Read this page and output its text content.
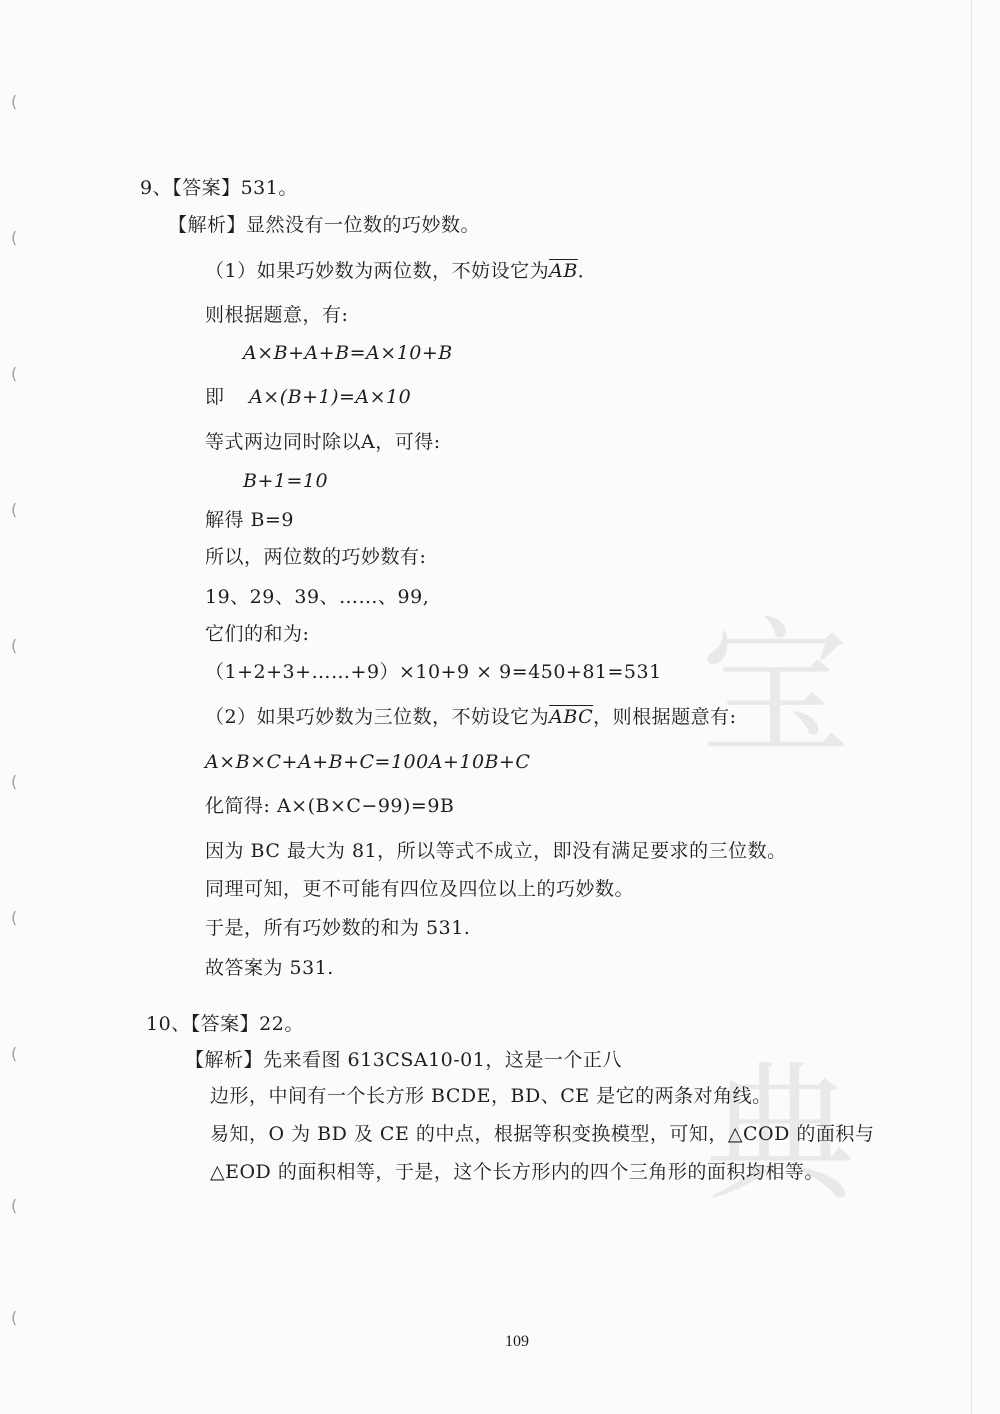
(
(
(
(
(
(
(
(
(
(
宝
典
9、【答案】531。
【解析】显然没有一位数的巧妙数。
（1）如果巧妙数为两位数，不妨设它为$\overline{AB}$．
则根据题意，有:
A×B+A+B=A×10+B
即 A×(B+1)=A×10
等式两边同时除以A，可得:
B+1=10
解得 B=9
所以，两位数的巧妙数有:
19、29、39、……、99,
它们的和为:
（1+2+3+……+9）×10+9 × 9=450+81=531
（2）如果巧妙数为三位数，不妨设它为$\overline{ABC}$，则根据题意有:
A×B×C+A+B+C=100A+10B+C
化简得: A×(B×C−99)=9B
因为 BC 最大为 81，所以等式不成立，即没有满足要求的三位数。
同理可知，更不可能有四位及四位以上的巧妙数。
于是，所有巧妙数的和为 531.
故答案为 531.
10、【答案】22。
【解析】先来看图 613CSA10-01，这是一个正八
边形，中间有一个长方形 BCDE，BD、CE 是它的两条对角线。
易知，O 为 BD 及 CE 的中点，根据等积变换模型，可知，△COD 的面积与
△EOD 的面积相等，于是，这个长方形内的四个三角形的面积均相等。
109
